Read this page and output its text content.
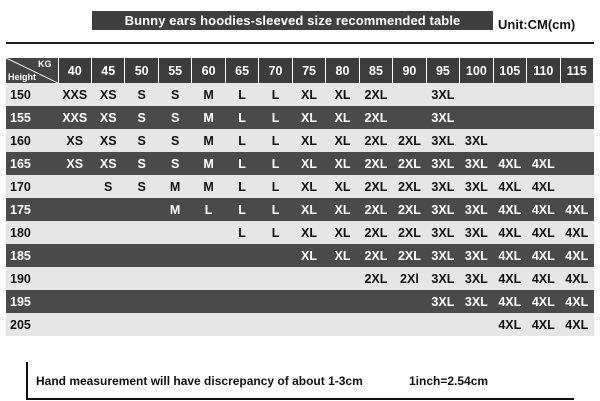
Bunny ears hoodies-sleeved size recommended table	Unit:CM(cm)
KG
Height	40	45	50	55	60	65	70	75	80	85	90	95	100	105	110	115
150	XXS	XS	S	S	M	L	L	XL	XL	2XL		3XL				
155	XXS	XS	S	S	M	L	L	XL	XL	2XL		3XL				
160	XS	XS	S	S	M	L	L	XL	XL	2XL	2XL	3XL	3XL			
165	XS	XS	S	S	M	L	L	XL	XL	2XL	2XL	3XL	3XL	4XL	4XL	
170		S	S	M	M	L	L	XL	XL	2XL	2XL	3XL	3XL	4XL	4XL	
175				M	L	L	L	XL	XL	2XL	2XL	3XL	3XL	4XL	4XL	4XL
180						L	L	XL	XL	2XL	2XL	3XL	3XL	4XL	4XL	4XL
185								XL	XL	2XL	2XL	3XL	3XL	4XL	4XL	4XL
190										2XL	2Xl	3XL	3XL	4XL	4XL	4XL
195												3XL	3XL	4XL	4XL	4XL
205														4XL	4XL	4XL
Hand measurement will have discrepancy of about 1-3cm	1inch=2.54cm
